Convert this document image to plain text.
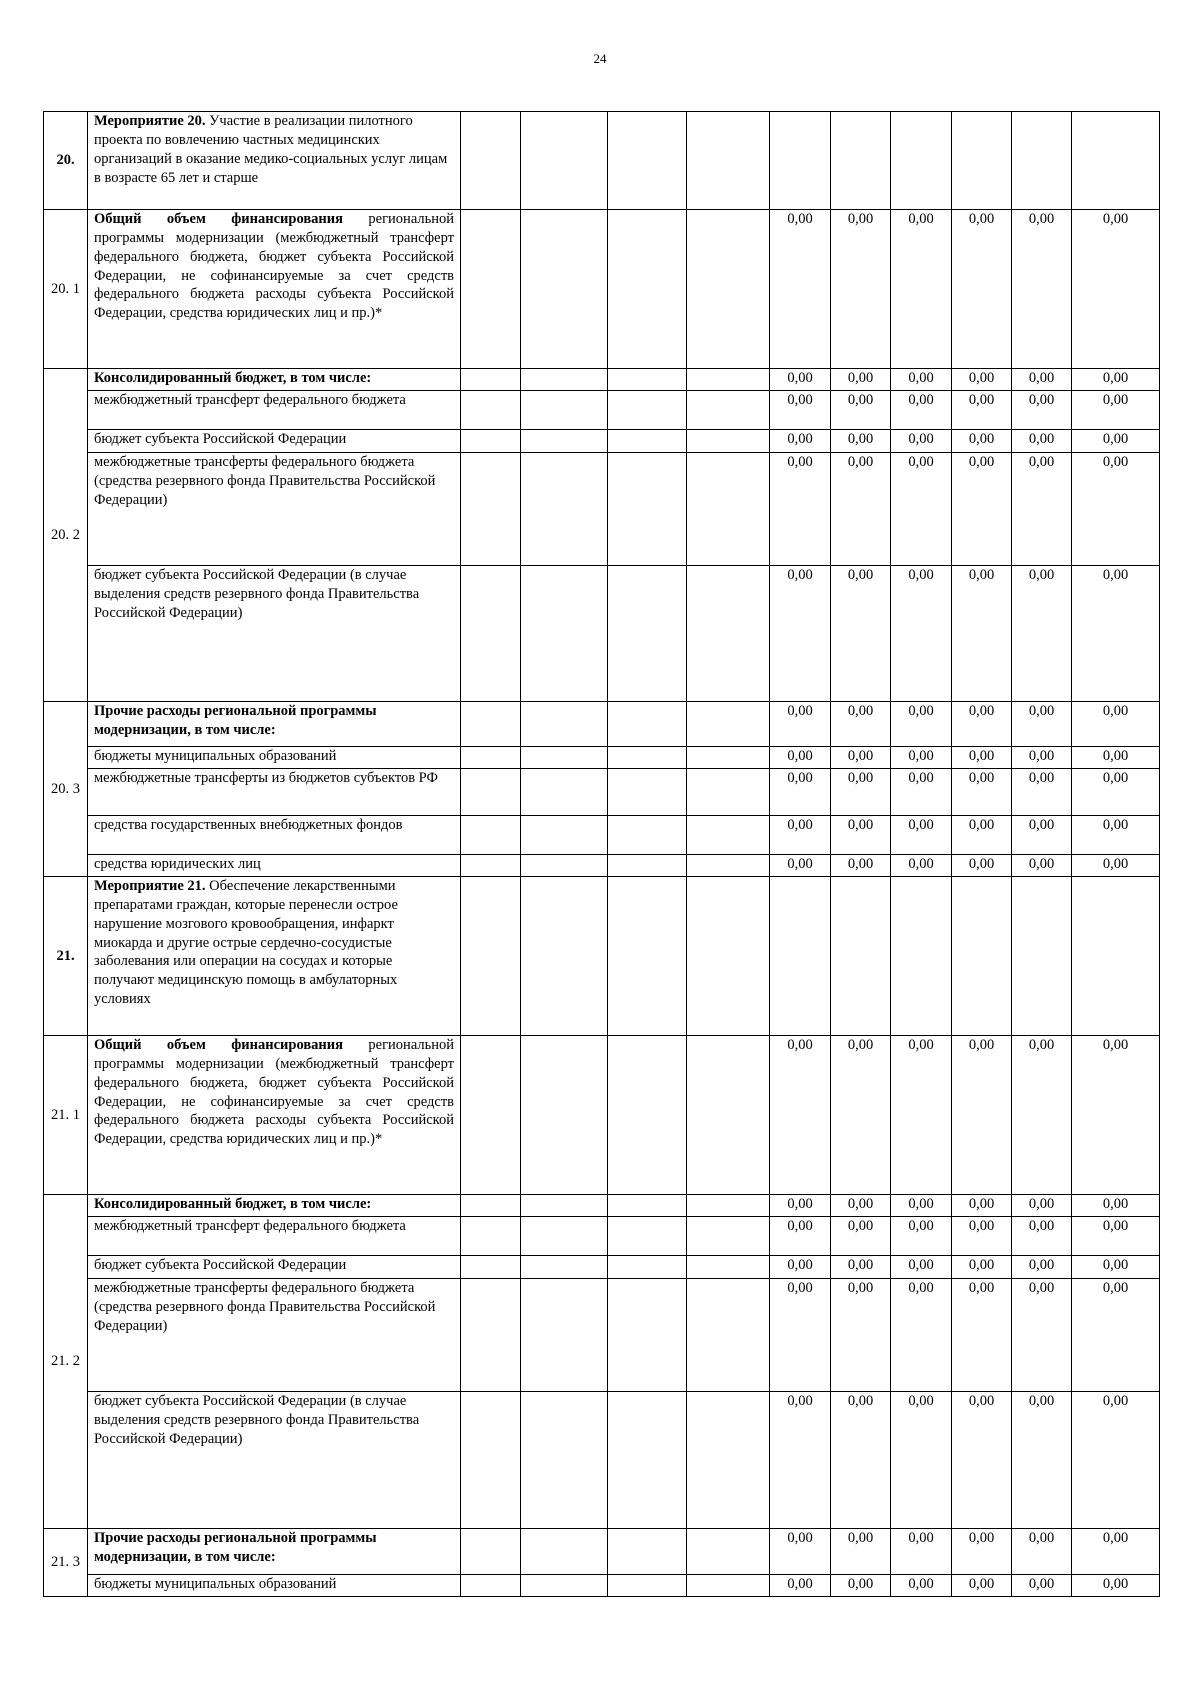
24
20.	Мероприятие 20. Участие в реализации пилотного проекта по вовлечению частных медицинских организаций в оказание медико-социальных услуг лицам в возрасте 65 лет и старше										
20. 1	Общий объем финансирования региональной программы модернизации (межбюджетный трансферт федерального бюджета, бюджет субъекта Российской Федерации, не софинансируемые за счет средств федерального бюджета расходы субъекта Российской Федерации, средства юридических лиц и пр.)*					0,00	0,00	0,00	0,00	0,00	0,00
20. 2	Консолидированный бюджет, в том числе:					0,00	0,00	0,00	0,00	0,00	0,00
	межбюджетный трансферт федерального бюджета					0,00	0,00	0,00	0,00	0,00	0,00
	бюджет субъекта Российской Федерации					0,00	0,00	0,00	0,00	0,00	0,00
	межбюджетные трансферты федерального бюджета (средства резервного фонда Правительства Российской Федерации)					0,00	0,00	0,00	0,00	0,00	0,00
	бюджет субъекта Российской Федерации (в случае выделения средств резервного фонда Правительства Российской Федерации)					0,00	0,00	0,00	0,00	0,00	0,00
20. 3	Прочие расходы региональной программы модернизации, в том числе:					0,00	0,00	0,00	0,00	0,00	0,00
	бюджеты муниципальных образований					0,00	0,00	0,00	0,00	0,00	0,00
	межбюджетные трансферты из бюджетов субъектов РФ					0,00	0,00	0,00	0,00	0,00	0,00
	средства государственных внебюджетных фондов					0,00	0,00	0,00	0,00	0,00	0,00
	средства юридических лиц					0,00	0,00	0,00	0,00	0,00	0,00
21.	Мероприятие 21. Обеспечение лекарственными препаратами граждан, которые перенесли острое нарушение мозгового кровообращения, инфаркт миокарда и другие острые сердечно-сосудистые заболевания или операции на сосудах и которые получают медицинскую помощь в амбулаторных условиях										
21. 1	Общий объем финансирования региональной программы модернизации (межбюджетный трансферт федерального бюджета, бюджет субъекта Российской Федерации, не софинансируемые за счет средств федерального бюджета расходы субъекта Российской Федерации, средства юридических лиц и пр.)*					0,00	0,00	0,00	0,00	0,00	0,00
21. 2	Консолидированный бюджет, в том числе:					0,00	0,00	0,00	0,00	0,00	0,00
	межбюджетный трансферт федерального бюджета					0,00	0,00	0,00	0,00	0,00	0,00
	бюджет субъекта Российской Федерации					0,00	0,00	0,00	0,00	0,00	0,00
	межбюджетные трансферты федерального бюджета (средства резервного фонда Правительства Российской Федерации)					0,00	0,00	0,00	0,00	0,00	0,00
	бюджет субъекта Российской Федерации (в случае выделения средств резервного фонда Правительства Российской Федерации)					0,00	0,00	0,00	0,00	0,00	0,00
21. 3	Прочие расходы региональной программы модернизации, в том числе:					0,00	0,00	0,00	0,00	0,00	0,00
	бюджеты муниципальных образований					0,00	0,00	0,00	0,00	0,00	0,00
